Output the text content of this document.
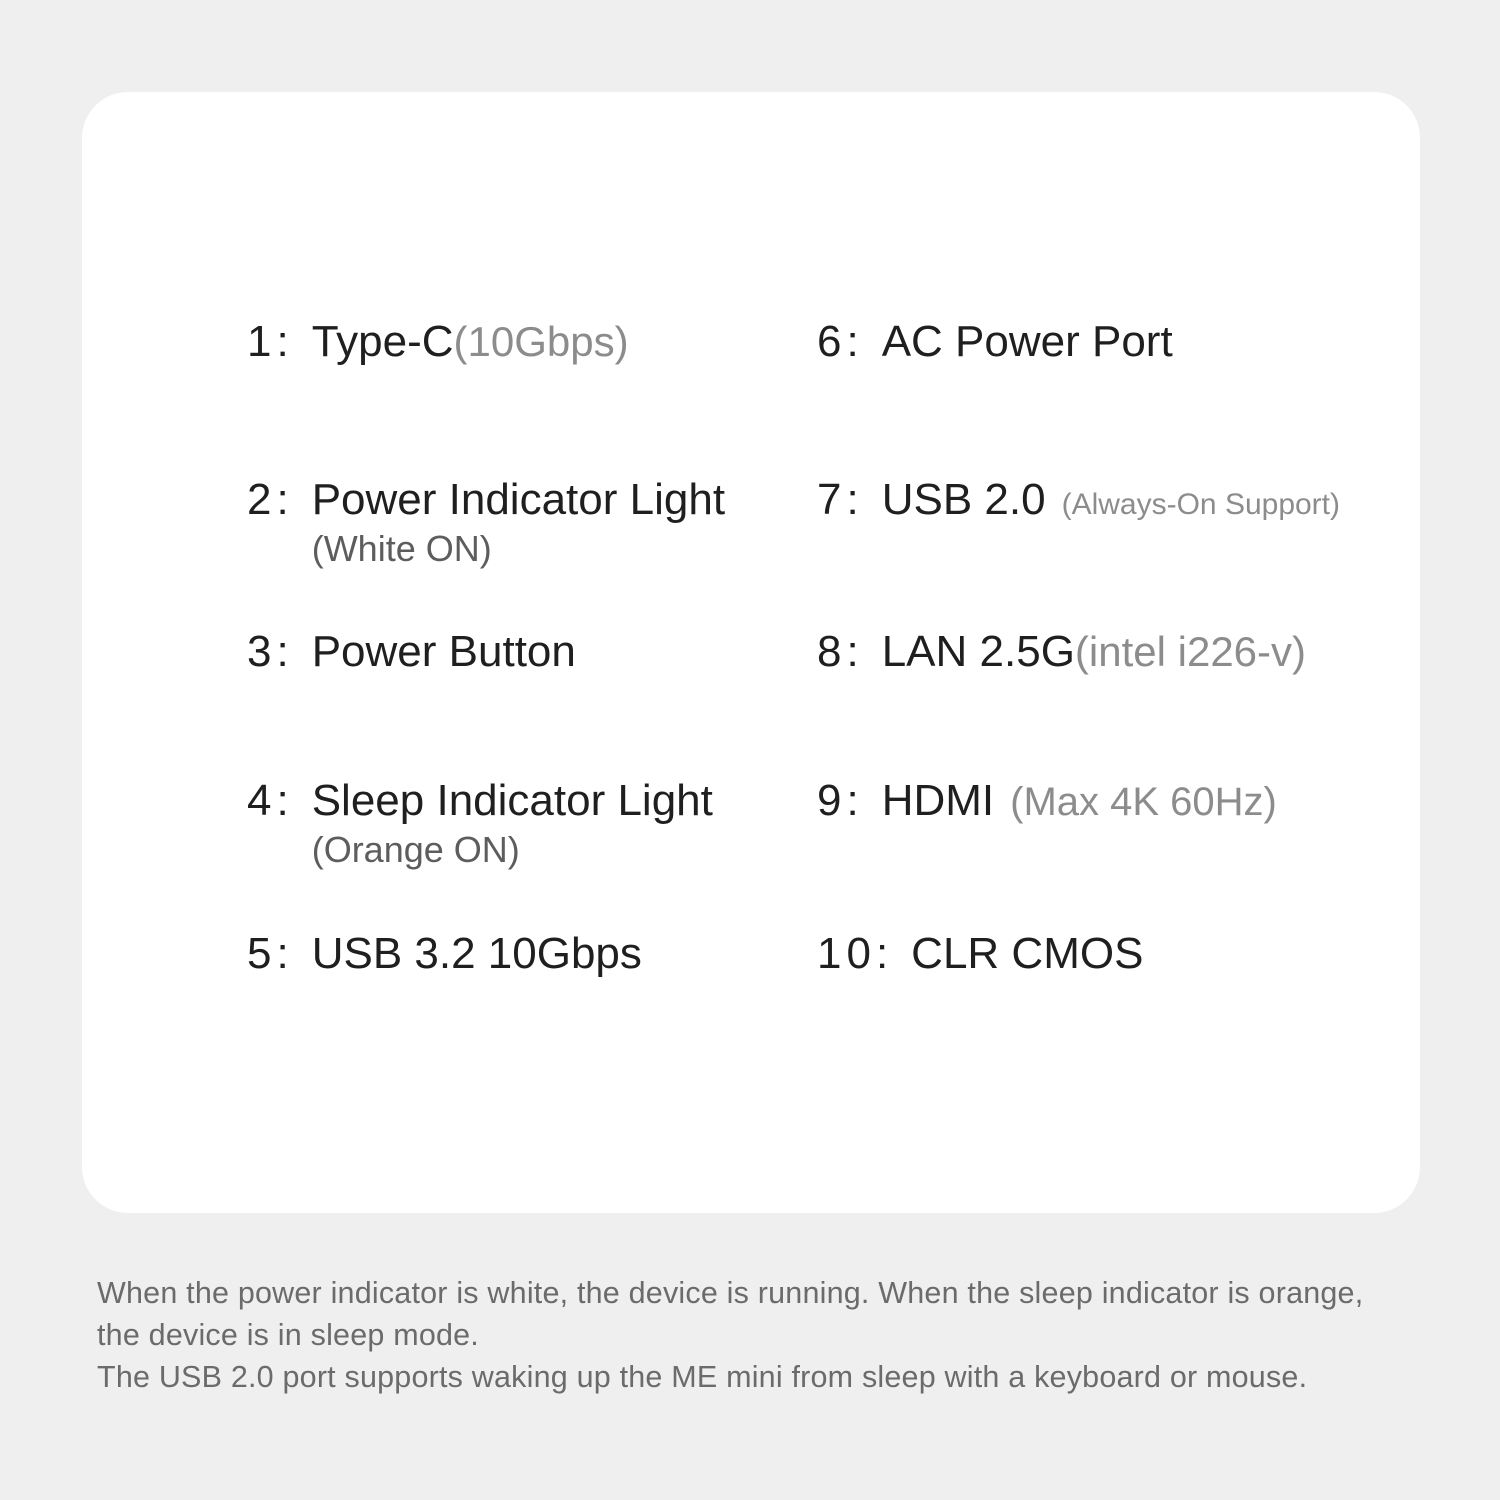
1: Type-C(10Gbps)
2: Power Indicator Light
(White ON)
3: Power Button
4: Sleep Indicator Light
(Orange ON)
5: USB 3.2 10Gbps
6: AC Power Port
7: USB 2.0 (Always-On Support)
8: LAN 2.5G(intel i226-v)
9: HDMI (Max 4K 60Hz)
10: CLR CMOS
When the power indicator is white, the device is running. When the sleep indicator is orange,
the device is in sleep mode.
The USB 2.0 port supports waking up the ME mini from sleep with a keyboard or mouse.
